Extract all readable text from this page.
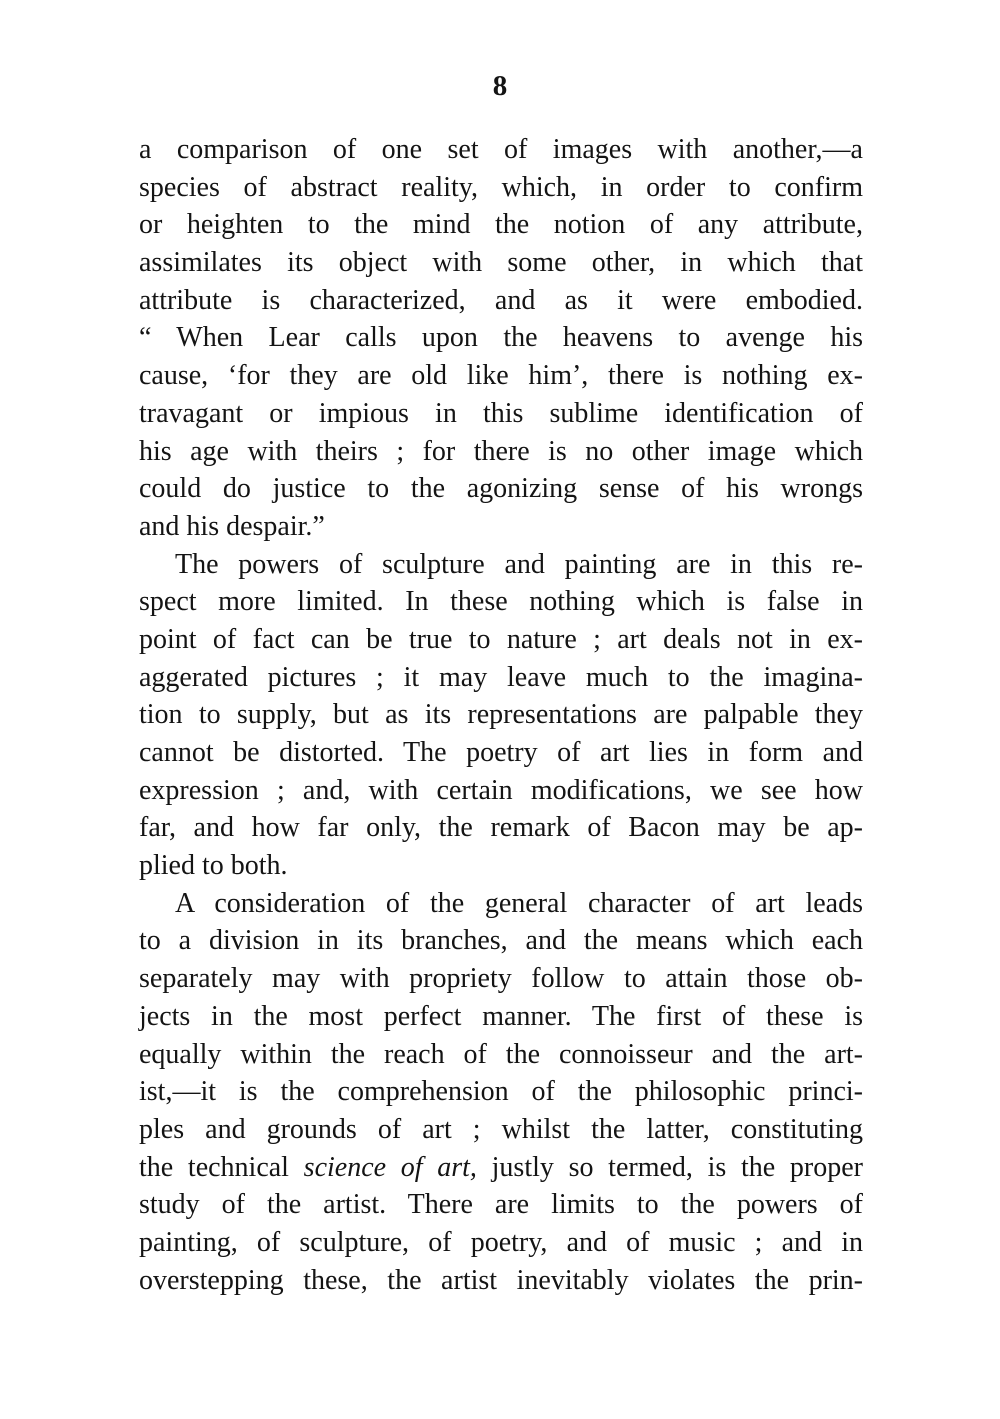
8
a comparison of one set of images with another,—a
species of abstract reality, which, in order to confirm
or heighten to the mind the notion of any attribute,
assimilates its object with some other, in which that
attribute is characterized, and as it were embodied.
“ When Lear calls upon the heavens to avenge his
cause, ‘for they are old like him’, there is nothing ex-
travagant or impious in this sublime identification of
his age with theirs ; for there is no other image which
could do justice to the agonizing sense of his wrongs
and his despair.”
The powers of sculpture and painting are in this re-
spect more limited. In these nothing which is false in
point of fact can be true to nature ; art deals not in ex-
aggerated pictures ; it may leave much to the imagina-
tion to supply, but as its representations are palpable they
cannot be distorted. The poetry of art lies in form and
expression ; and, with certain modifications, we see how
far, and how far only, the remark of Bacon may be ap-
plied to both.
A consideration of the general character of art leads
to a division in its branches, and the means which each
separately may with propriety follow to attain those ob-
jects in the most perfect manner. The first of these is
equally within the reach of the connoisseur and the art-
ist,—it is the comprehension of the philosophic princi-
ples and grounds of art ; whilst the latter, constituting
the technical science of art, justly so termed, is the proper
study of the artist. There are limits to the powers of
painting, of sculpture, of poetry, and of music ; and in
overstepping these, the artist inevitably violates the prin-
